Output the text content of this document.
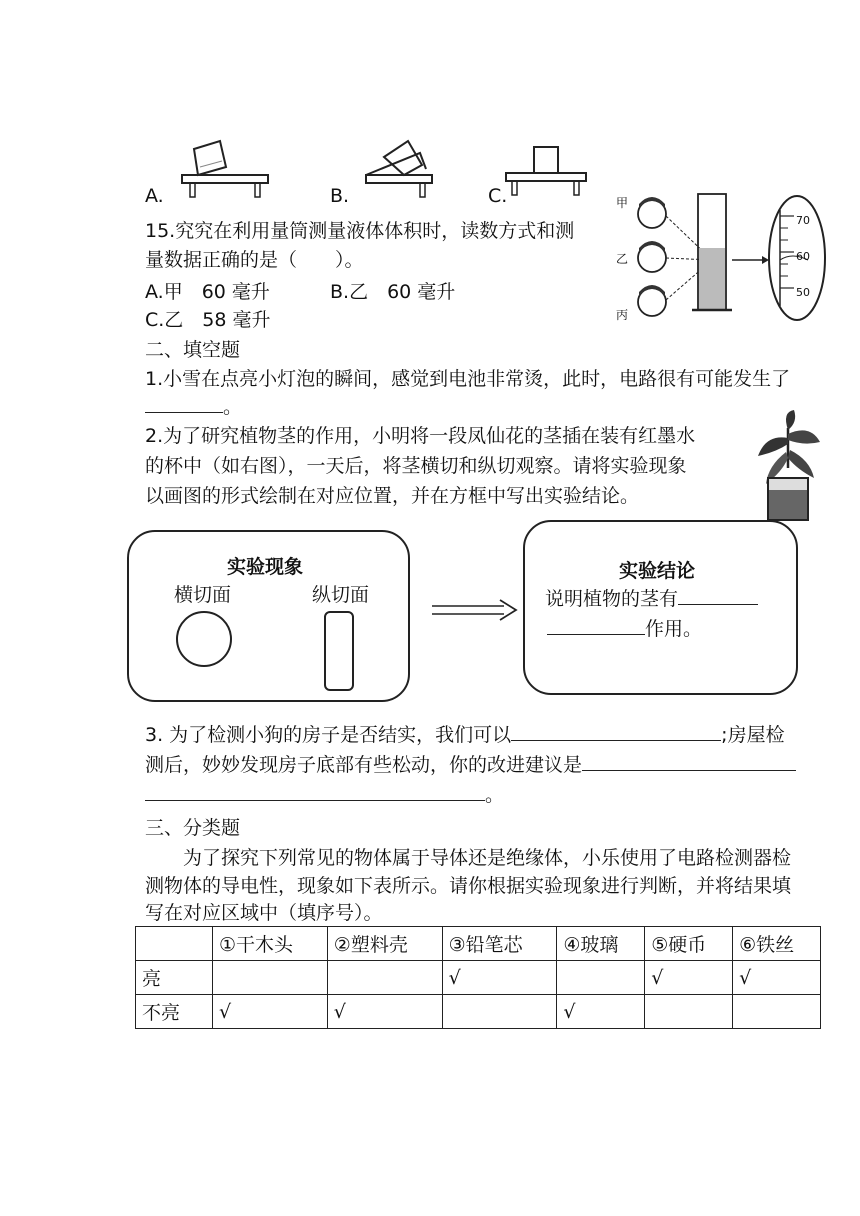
A.	B.	C.
15.究究在利用量筒测量液体体积时，读数方式和测
量数据正确的是（　　）。
A.甲　60 毫升	B.乙　60 毫升
C.乙　58 毫升
甲
乙
丙
70
60
50
二、填空题
1.小雪在点亮小灯泡的瞬间，感觉到电池非常烫，此时，电路很有可能发生了
。
2.为了研究植物茎的作用，小明将一段凤仙花的茎插在装有红墨水
的杯中（如右图），一天后，将茎横切和纵切观察。请将实验现象
以画图的形式绘制在对应位置，并在方框中写出实验结论。
实验现象
横切面	纵切面
实验结论
说明植物的茎有
作用。
3. 为了检测小狗的房子是否结实，我们可以	;房屋检
测后，妙妙发现房子底部有些松动，你的改进建议是
。
三、分类题
为了探究下列常见的物体属于导体还是绝缘体，小乐使用了电路检测器检
测物体的导电性，现象如下表所示。请你根据实验现象进行判断，并将结果填
写在对应区域中（填序号）。
	①干木头	②塑料壳	③铅笔芯	④玻璃	⑤硬币	⑥铁丝
亮			√		√	√
不亮	√	√		√		
